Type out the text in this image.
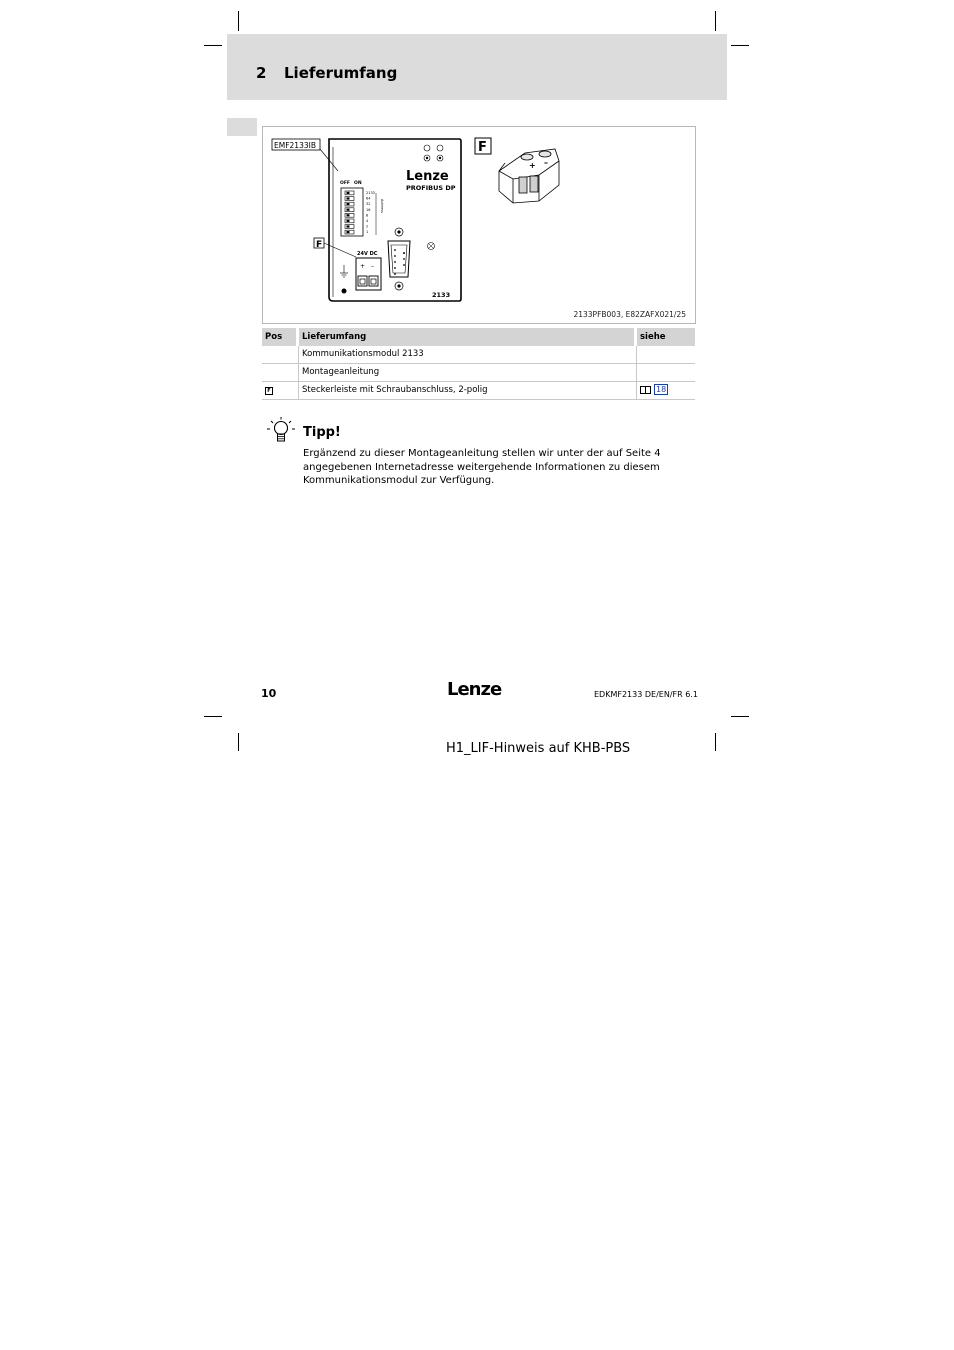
2 Lieferumfang
EMF2133IB
Lenze
PROFIBUS DP
OFF ON
2133
64
32
16
8
4
2
1
Address
F
24V DC
+ –
2133
F
+ –
2133PFB003, E82ZAFX021/25
Pos	Lieferumfang	siehe
	Kommunikationsmodul 2133	
	Montageanleitung	
F	Steckerleiste mit Schraubanschluss, 2-polig	18
Tipp!
Ergänzend zu dieser Montageanleitung stellen wir unter der auf Seite 4 angegebenen Internetadresse weitergehende Informationen zu diesem Kommunikationsmodul zur Verfügung.
10	Lenze	EDKMF2133 DE/EN/FR 6.1
H1_LIF-Hinweis auf KHB-PBS
